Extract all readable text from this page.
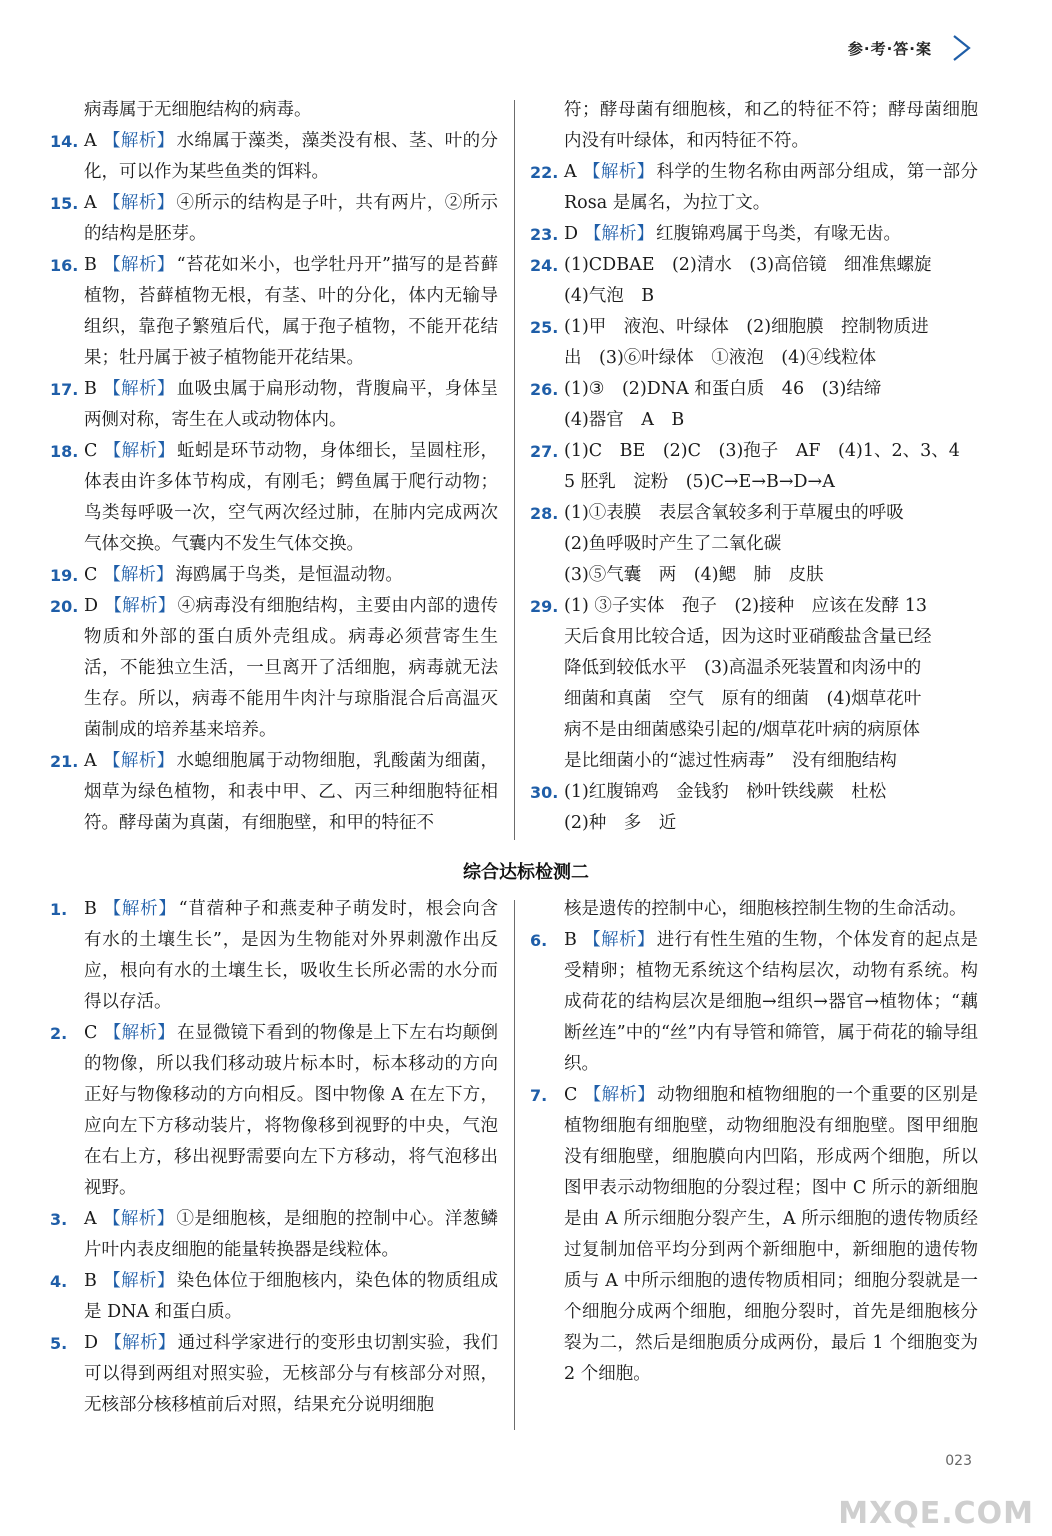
参·考·答·案

病毒属于无细胞结构的病毒。

14. A 【解析】 水绵属于藻类，藻类没有根、茎、叶的分化，可以作为某些鱼类的饵料。
15. A 【解析】 ④所示的结构是子叶，共有两片，②所示的结构是胚芽。
16. B 【解析】 “苔花如米小，也学牡丹开”描写的是苔藓植物，苔藓植物无根，有茎、叶的分化，体内无输导组织，靠孢子繁殖后代，属于孢子植物，不能开花结果；牡丹属于被子植物能开花结果。
17. B 【解析】 血吸虫属于扁形动物，背腹扁平，身体呈两侧对称，寄生在人或动物体内。
18. C 【解析】 蚯蚓是环节动物，身体细长，呈圆柱形，体表由许多体节构成，有刚毛；鳄鱼属于爬行动物；鸟类每呼吸一次，空气两次经过肺，在肺内完成两次气体交换。气囊内不发生气体交换。
19. C 【解析】 海鸥属于鸟类，是恒温动物。
20. D 【解析】 ④病毒没有细胞结构，主要由内部的遗传物质和外部的蛋白质外壳组成。病毒必须营寄生生活，不能独立生活，一旦离开了活细胞，病毒就无法生存。所以，病毒不能用牛肉汁与琼脂混合后高温灭菌制成的培养基来培养。
21. A 【解析】 水螅细胞属于动物细胞，乳酸菌为细菌，烟草为绿色植物，和表中甲、乙、丙三种细胞特征相符。酵母菌为真菌，有细胞壁，和甲的特征不

符；酵母菌有细胞核，和乙的特征不符；酵母菌细胞内没有叶绿体，和丙特征不符。

22. A 【解析】 科学的生物名称由两部分组成，第一部分 Rosa 是属名，为拉丁文。
23. D 【解析】 红腹锦鸡属于鸟类，有喙无齿。
24. (1)CDBAE　(2)清水　(3)高倍镜　细准焦螺旋
(4)气泡　B
25. (1)甲　液泡、叶绿体　(2)细胞膜　控制物质进
出　(3)⑥叶绿体　①液泡　(4)④线粒体
26. (1)③　(2)DNA 和蛋白质　46　(3)结缔
(4)器官　A　B
27. (1)C　BE　(2)C　(3)孢子　AF　(4)1、2、3、4
5 胚乳　淀粉　(5)C→E→B→D→A
28. (1)①表膜　表层含氧较多利于草履虫的呼吸
(2)鱼呼吸时产生了二氧化碳
(3)⑤气囊　两　(4)鳃　肺　皮肤
29. (1) ③子实体　孢子　(2)接种　应该在发酵 13
天后食用比较合适，因为这时亚硝酸盐含量已经
降低到较低水平　(3)高温杀死装置和肉汤中的
细菌和真菌　空气　原有的细菌　(4)烟草花叶
病不是由细菌感染引起的/烟草花叶病的病原体
是比细菌小的“滤过性病毒”　没有细胞结构
30. (1)红腹锦鸡　金钱豹　桫叶铁线蕨　杜松
(2)种　多　近
综合达标检测二
1. B 【解析】 “苜蓿种子和燕麦种子萌发时，根会向含有水的土壤生长”，是因为生物能对外界刺激作出反应，根向有水的土壤生长，吸收生长所必需的水分而得以存活。
2. C 【解析】 在显微镜下看到的物像是上下左右均颠倒的物像，所以我们移动玻片标本时，标本移动的方向正好与物像移动的方向相反。图中物像 A 在左下方，应向左下方移动装片，将物像移到视野的中央，气泡在右上方，移出视野需要向左下方移动，将气泡移出视野。
3. A 【解析】 ①是细胞核，是细胞的控制中心。洋葱鳞片叶内表皮细胞的能量转换器是线粒体。
4. B 【解析】 染色体位于细胞核内，染色体的物质组成是 DNA 和蛋白质。
5. D 【解析】 通过科学家进行的变形虫切割实验，我们可以得到两组对照实验，无核部分与有核部分对照，无核部分核移植前后对照，结果充分说明细胞

核是遗传的控制中心，细胞核控制生物的生命活动。

6. B 【解析】 进行有性生殖的生物，个体发育的起点是受精卵；植物无系统这个结构层次，动物有系统。构成荷花的结构层次是细胞→组织→器官→植物体；“藕断丝连”中的“丝”内有导管和筛管，属于荷花的输导组织。
7. C 【解析】 动物细胞和植物细胞的一个重要的区别是植物细胞有细胞壁，动物细胞没有细胞壁。图甲细胞没有细胞壁，细胞膜向内凹陷，形成两个细胞，所以图甲表示动物细胞的分裂过程；图中 C 所示的新细胞是由 A 所示细胞分裂产生，A 所示细胞的遗传物质经过复制加倍平均分到两个新细胞中，新细胞的遗传物质与 A 中所示细胞的遗传物质相同；细胞分裂就是一个细胞分成两个细胞，细胞分裂时，首先是细胞核分裂为二，然后是细胞质分成两份，最后 1 个细胞变为 2 个细胞。
023
MXQE.COM
